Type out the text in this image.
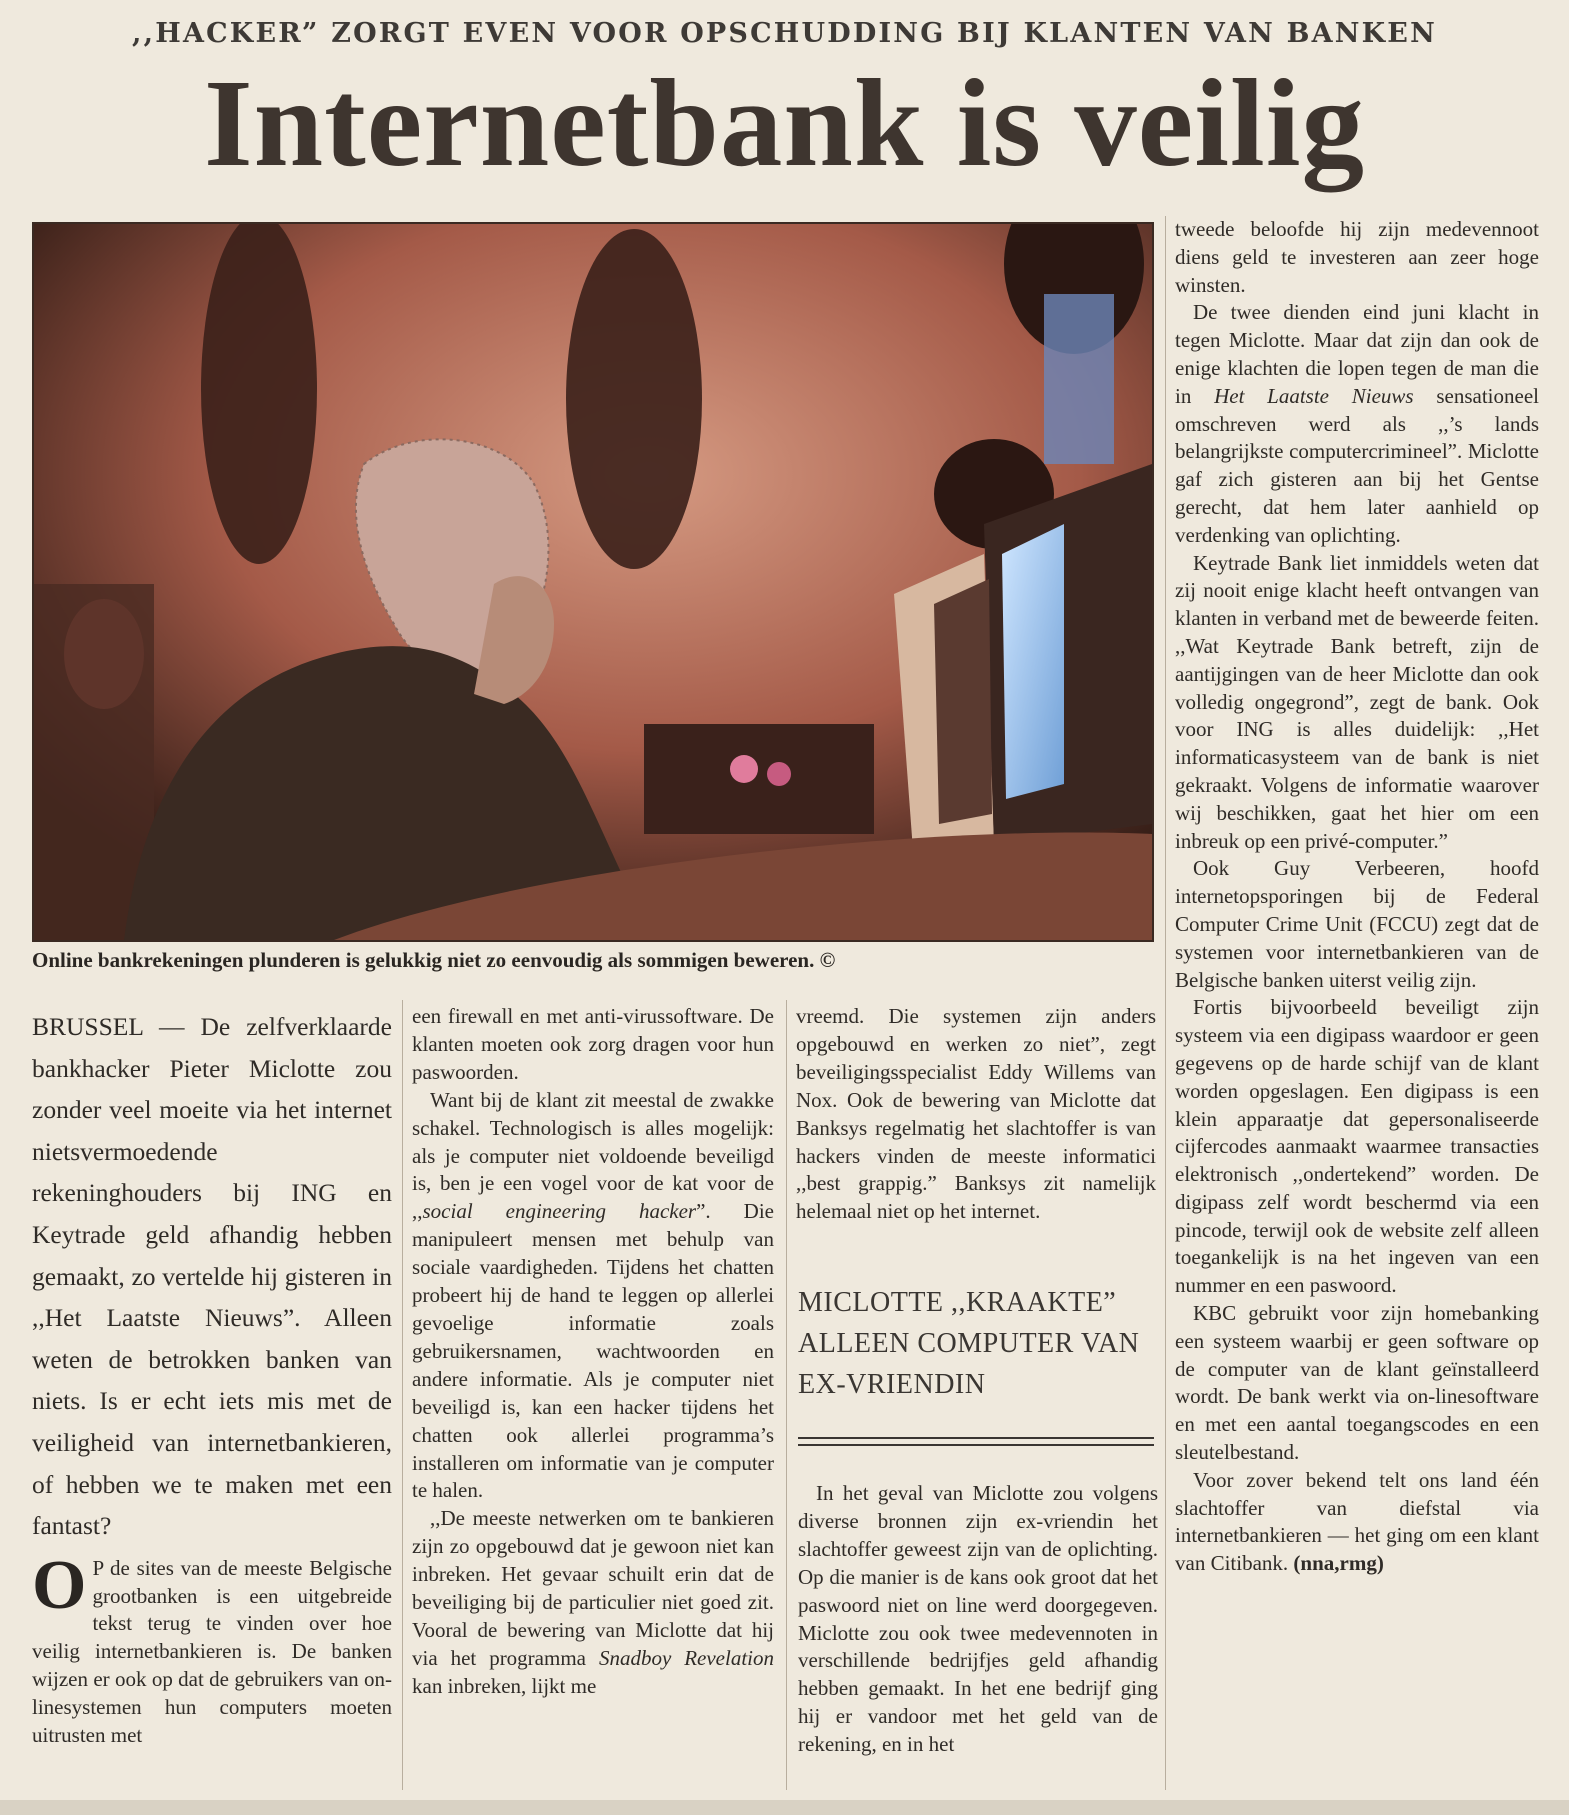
,,HACKER” ZORGT EVEN VOOR OPSCHUDDING BIJ KLANTEN VAN BANKEN
Internetbank is veilig
Online bankrekeningen plunderen is gelukkig niet zo eenvoudig als sommigen beweren. ©

BRUSSEL — De zelfverklaarde bankhacker Pieter Miclotte zou zonder veel moeite via het internet nietsvermoedende rekeninghouders bij ING en Keytrade geld afhandig hebben gemaakt, zo vertelde hij gisteren in ,,Het Laatste Nieuws”. Alleen weten de betrokken banken van niets. Is er echt iets mis met de veiligheid van internetbankieren, of hebben we te maken met een fantast?

O P de sites van de meeste Belgische grootbanken is een uitgebreide tekst terug te vinden over hoe veilig internetbankieren is. De banken wijzen er ook op dat de gebruikers van on-linesystemen hun computers moeten uitrusten met

een firewall en met anti-virussoftware. De klanten moeten ook zorg dragen voor hun paswoorden.

Want bij de klant zit meestal de zwakke schakel. Technologisch is alles mogelijk: als je computer niet voldoende beveiligd is, ben je een vogel voor de kat voor de ,,social engineering hacker”. Die manipuleert mensen met behulp van sociale vaardigheden. Tijdens het chatten probeert hij de hand te leggen op allerlei gevoelige informatie zoals gebruikersnamen, wachtwoorden en andere informatie. Als je computer niet beveiligd is, kan een hacker tijdens het chatten ook allerlei programma’s installeren om informatie van je computer te halen.

,,De meeste netwerken om te bankieren zijn zo opgebouwd dat je gewoon niet kan inbreken. Het gevaar schuilt erin dat de beveiliging bij de particulier niet goed zit. Vooral de bewering van Miclotte dat hij via het programma Snadboy Revelation kan inbreken, lijkt me

vreemd. Die systemen zijn anders opgebouwd en werken zo niet”, zegt beveiligingsspecialist Eddy Willems van Nox. Ook de bewering van Miclotte dat Banksys regelmatig het slachtoffer is van hackers vinden de meeste informatici ,,best grappig.” Banksys zit namelijk helemaal niet op het internet.

MICLOTTE ,,KRAAKTE” ALLEEN COMPUTER VAN EX-VRIENDIN

In het geval van Miclotte zou volgens diverse bronnen zijn ex-vriendin het slachtoffer geweest zijn van de oplichting. Op die manier is de kans ook groot dat het paswoord niet on line werd doorgegeven. Miclotte zou ook twee medevennoten in verschillende bedrijfjes geld afhandig hebben gemaakt. In het ene bedrijf ging hij er vandoor met het geld van de rekening, en in het

tweede beloofde hij zijn medevennoot diens geld te investeren aan zeer hoge winsten.

De twee dienden eind juni klacht in tegen Miclotte. Maar dat zijn dan ook de enige klachten die lopen tegen de man die in Het Laatste Nieuws sensationeel omschreven werd als ,,’s lands belangrijkste computercrimineel”. Miclotte gaf zich gisteren aan bij het Gentse gerecht, dat hem later aanhield op verdenking van oplichting.

Keytrade Bank liet inmiddels weten dat zij nooit enige klacht heeft ontvangen van klanten in verband met de beweerde feiten. ,,Wat Keytrade Bank betreft, zijn de aantijgingen van de heer Miclotte dan ook volledig ongegrond”, zegt de bank. Ook voor ING is alles duidelijk: ,,Het informaticasysteem van de bank is niet gekraakt. Volgens de informatie waarover wij beschikken, gaat het hier om een inbreuk op een privé-computer.”

Ook Guy Verbeeren, hoofd internetopsporingen bij de Federal Computer Crime Unit (FCCU) zegt dat de systemen voor internetbankieren van de Belgische banken uiterst veilig zijn.

Fortis bijvoorbeeld beveiligt zijn systeem via een digipass waardoor er geen gegevens op de harde schijf van de klant worden opgeslagen. Een digipass is een klein apparaatje dat gepersonaliseerde cijfercodes aanmaakt waarmee transacties elektronisch ,,ondertekend” worden. De digipass zelf wordt beschermd via een pincode, terwijl ook de website zelf alleen toegankelijk is na het ingeven van een nummer en een paswoord.

KBC gebruikt voor zijn homebanking een systeem waarbij er geen software op de computer van de klant geïnstalleerd wordt. De bank werkt via on-linesoftware en met een aantal toegangscodes en een sleutelbestand.

Voor zover bekend telt ons land één slachtoffer van diefstal via internetbankieren — het ging om een klant van Citibank. (nna,rmg)
